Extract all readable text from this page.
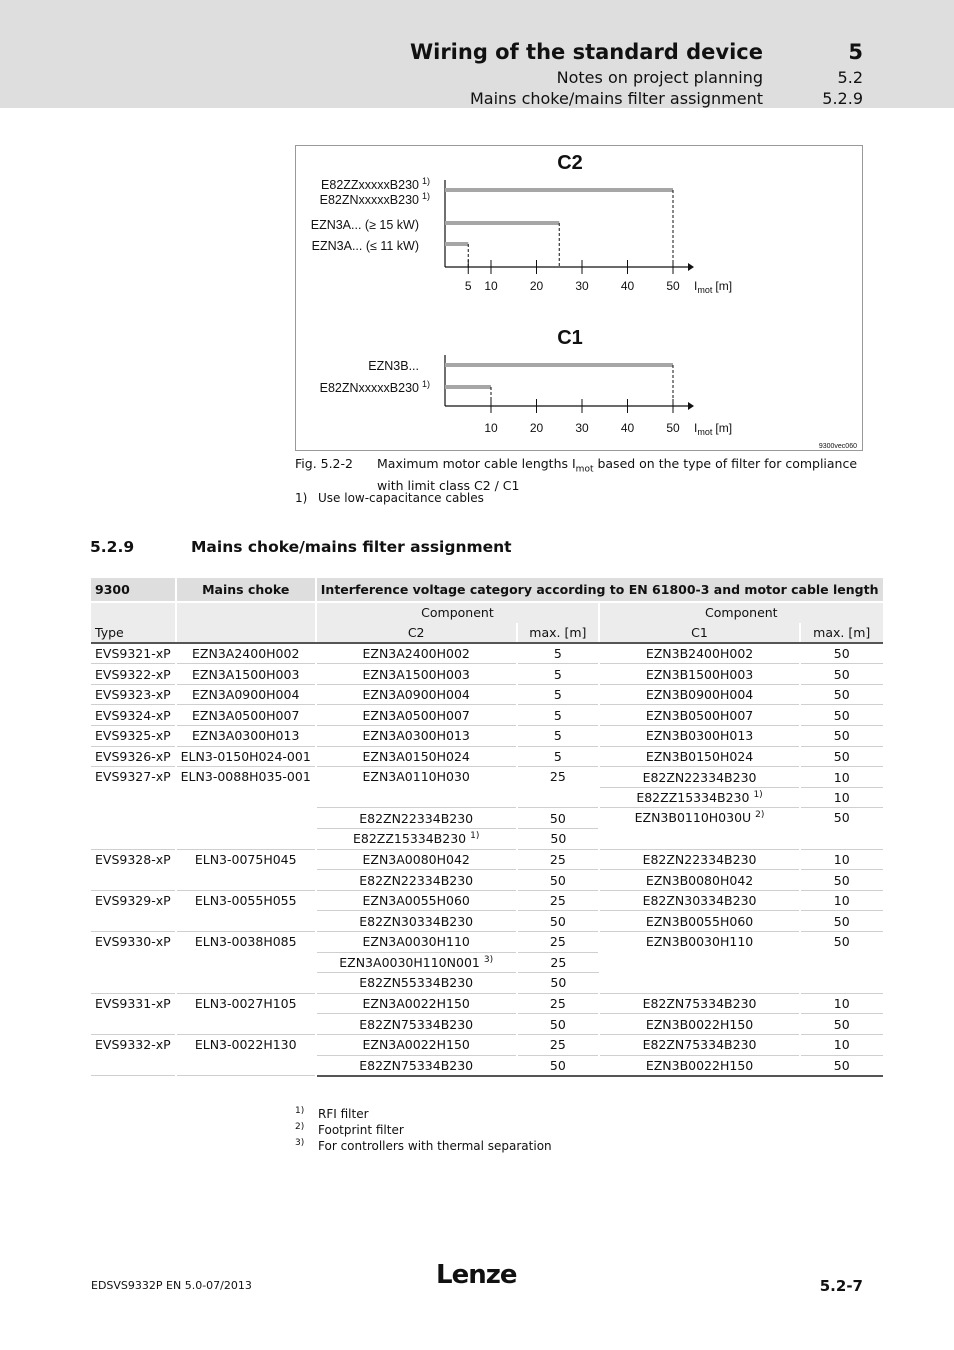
Wiring of the standard device	5
Notes on project planning	5.2
Mains choke/mains filter assignment	5.2.9
C2
5 10	20	30	40	50
E82ZZxxxxxB230 1)
E82ZNxxxxxB230 1)
EZN3A... (≥ 15 kW)
EZN3A... (≤ 11 kW)
$I_{mot}$ [m]
C1
10	20	30	40	50
EZN3B...
E82ZNxxxxxB230 1)
$I_{mot}$ [m]
9300vec060
Fig. 5.2-2 Maximum motor cable lengths $I_{mot}$ based on the type of filter for compliance with limit class C2 / C1
1) Use low-capacitance cables
5.2.9	Mains choke/mains filter assignment
9300	Mains choke	Interference voltage category according to EN 61800-3 and motor cable length			
		Component		Component	
Type		C2	max. [m]	C1	max. [m]
EVS9321-xP	EZN3A2400H002	EZN3A2400H002	5	EZN3B2400H002	50
EVS9322-xP	EZN3A1500H003	EZN3A1500H003	5	EZN3B1500H003	50
EVS9323-xP	EZN3A0900H004	EZN3A0900H004	5	EZN3B0900H004	50
EVS9324-xP	EZN3A0500H007	EZN3A0500H007	5	EZN3B0500H007	50
EVS9325-xP	EZN3A0300H013	EZN3A0300H013	5	EZN3B0300H013	50
EVS9326-xP	ELN3-0150H024-001	EZN3A0150H024	5	EZN3B0150H024	50
EVS9327-xP	ELN3-0088H035-001	EZN3A0110H030	25	E82ZN22334B230	10
				E82ZZ15334B230 $^{1)}$	10
		E82ZN22334B230	50	EZN3B0110H030U $^{2)}$	50
		E82ZZ15334B230 $^{1)}$	50		
EVS9328-xP	ELN3-0075H045	EZN3A0080H042	25	E82ZN22334B230	10
		E82ZN22334B230	50	EZN3B0080H042	50
EVS9329-xP	ELN3-0055H055	EZN3A0055H060	25	E82ZN30334B230	10
		E82ZN30334B230	50	EZN3B0055H060	50
EVS9330-xP	ELN3-0038H085	EZN3A0030H110	25	EZN3B0030H110	50
		EZN3A0030H110N001 $^{3)}$	25		
		E82ZN55334B230	50		
EVS9331-xP	ELN3-0027H105	EZN3A0022H150	25	E82ZN75334B230	10
		E82ZN75334B230	50	EZN3B0022H150	50
EVS9332-xP	ELN3-0022H130	EZN3A0022H150	25	E82ZN75334B230	10
		E82ZN75334B230	50	EZN3B0022H150	50
1) RFI filter
2) Footprint filter
3) For controllers with thermal separation
EDSVS9332P EN 5.0-07/2013	Lenze	5.2-7
